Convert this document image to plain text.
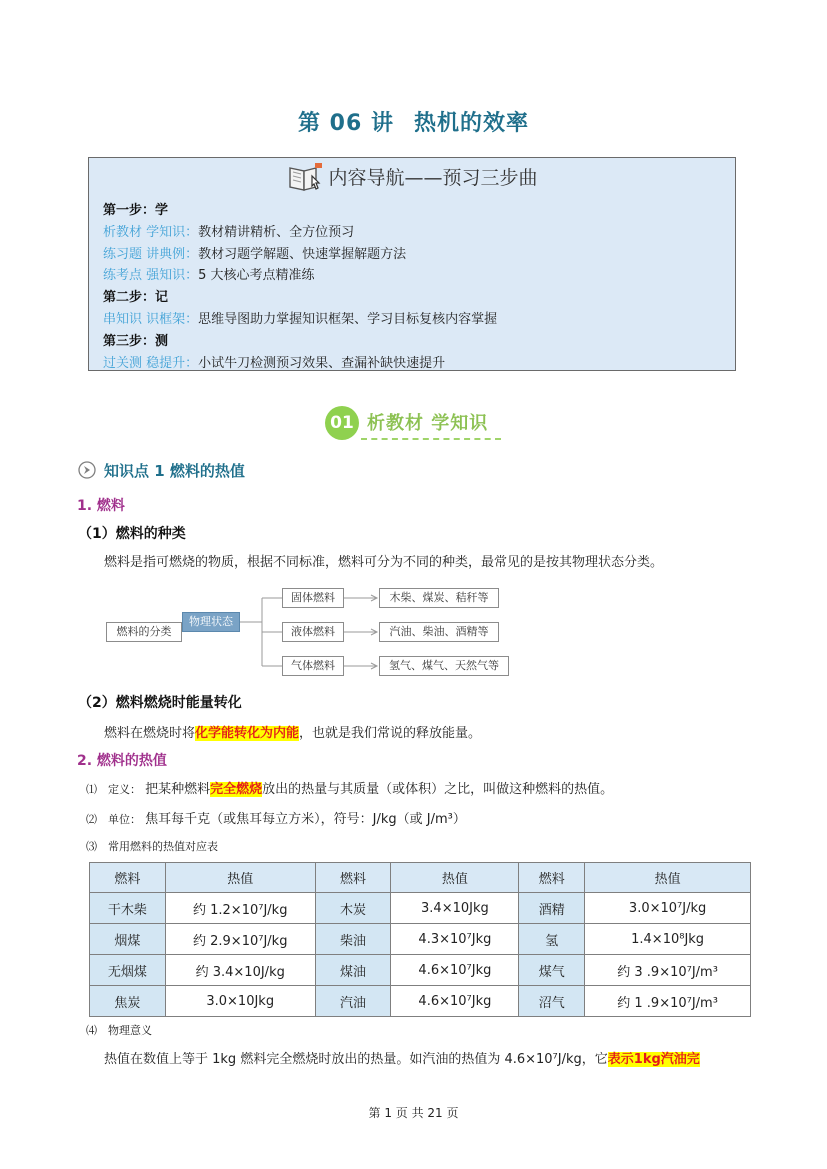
第 06 讲 热机的效率
内容导航——预习三步曲
第一步：学
析教材 学知识：教材精讲精析、全方位预习
练习题 讲典例：教材习题学解题、快速掌握解题方法
练考点 强知识：5 大核心考点精准练
第二步：记
串知识 识框架：思维导图助力掌握知识框架、学习目标复核内容掌握
第三步：测
过关测 稳提升：小试牛刀检测预习效果、查漏补缺快速提升
01 析教材 学知识
知识点 1 燃料的热值
1. 燃料
（1）燃料的种类
燃料是指可燃烧的物质，根据不同标准，燃料可分为不同的种类，最常见的是按其物理状态分类。
燃料的分类
物理状态
固体燃料
液体燃料
气体燃料
木柴、煤炭、秸秆等
汽油、柴油、酒精等
氢气、煤气、天然气等
（2）燃料燃烧时能量转化
燃料在燃烧时将化学能转化为内能，也就是我们常说的释放能量。
2. 燃料的热值
⑴ 定义： 把某种燃料完全燃烧放出的热量与其质量（或体积）之比，叫做这种燃料的热值。
⑵ 单位： 焦耳每千克（或焦耳每立方米），符号：J/kg（或 J/m³）
⑶ 常用燃料的热值对应表
燃料	热值	燃料	热值	燃料	热值
干木柴	约 1.2×10⁷J/kg	木炭	3.4×10Jkg	酒精	3.0×10⁷J/kg
烟煤	约 2.9×10⁷J/kg	柴油	4.3×10⁷Jkg	氢	1.4×10⁸Jkg
无烟煤	约 3.4×10J/kg	煤油	4.6×10⁷Jkg	煤气	约 3 .9×10⁷J/m³
焦炭	3.0×10Jkg	汽油	4.6×10⁷Jkg	沼气	约 1 .9×10⁷J/m³
⑷ 物理意义
热值在数值上等于 1kg 燃料完全燃烧时放出的热量。如汽油的热值为 4.6×10⁷J/kg，它表示1kg汽油完
第 1 页 共 21 页
